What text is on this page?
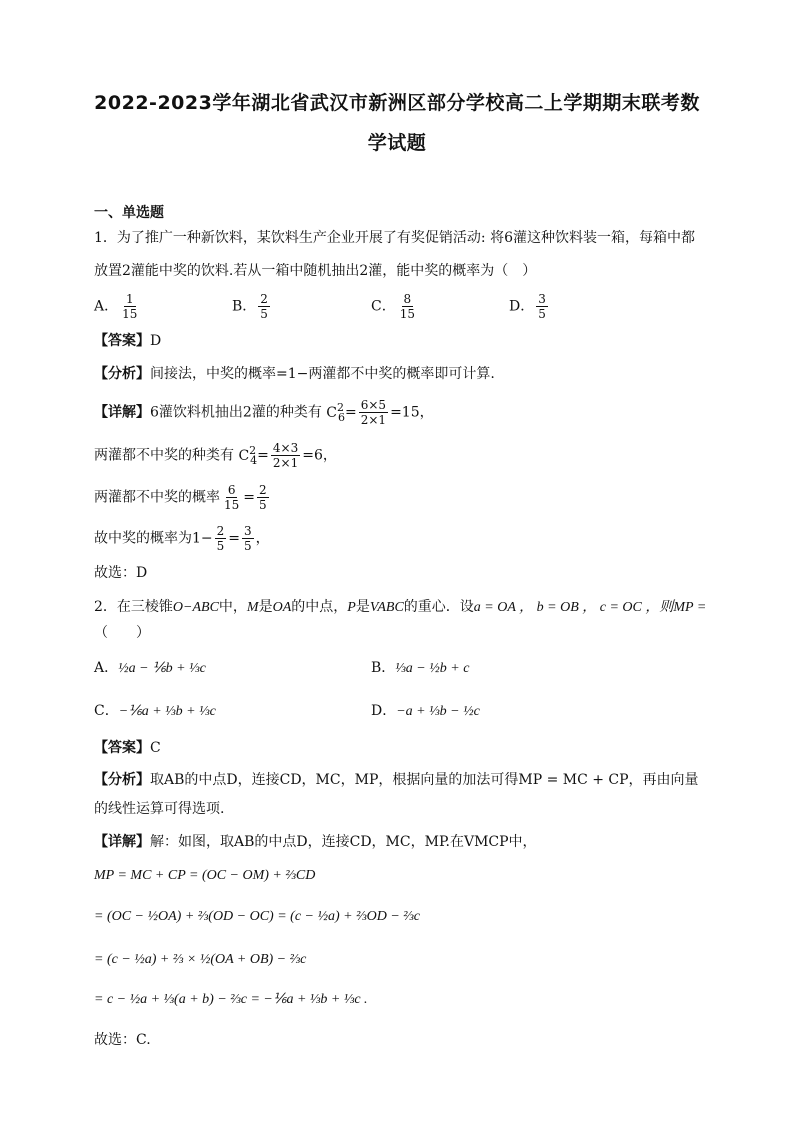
2022-2023学年湖北省武汉市新洲区部分学校高二上学期期末联考数
学试题
一、单选题
1．为了推广一种新饮料，某饮料生产企业开展了有奖促销活动: 将6灌这种饮料装一箱，每箱中都
放置2灌能中奖的饮料.若从一箱中随机抽出2灌，能中奖的概率为（　）
A． $\frac{1}{15}$	B． $\frac{2}{5}$	C． $\frac{8}{15}$	D． $\frac{3}{5}$
【答案】D
【分析】间接法，中奖的概率=1−两灌都不中奖的概率即可计算.
【详解】6灌饮料机抽出2灌的种类有 $C^2_6= \frac{6\times 5}{2\times 1} =15$，
两灌都不中奖的种类有 $C^2_4= \frac{4\times 3}{2\times 1} =6$，
两灌都不中奖的概率 $\frac{6}{15} = \frac{2}{5}$
故中奖的概率为$1- \frac{2}{5} = \frac{3}{5}$ ，
故选：D
2．在三棱锥O−ABC中，M是OA的中点，P是VABC的重心．设a = OA ， b = OB ， c = OC ，则MP =
（　　）
A．½a − ⅙b + ⅓c	B．⅓a − ½b + c
C．−⅙a + ⅓b + ⅓c	D．−a + ⅓b − ½c
【答案】C
【分析】取AB的中点D，连接CD，MC，MP，根据向量的加法可得MP = MC + CP，再由向量
的线性运算可得选项.
【详解】解：如图，取AB的中点D，连接CD，MC，MP.在VMCP中，
MP = MC + CP = (OC − OM) + ⅔CD
= (OC − ½OA) + ⅔(OD − OC) = (c − ½a) + ⅔OD − ⅔c
= (c − ½a) + ⅔ × ½(OA + OB) − ⅔c
= c − ½a + ⅓(a + b) − ⅔c = −⅙a + ⅓b + ⅓c .
故选：C.
